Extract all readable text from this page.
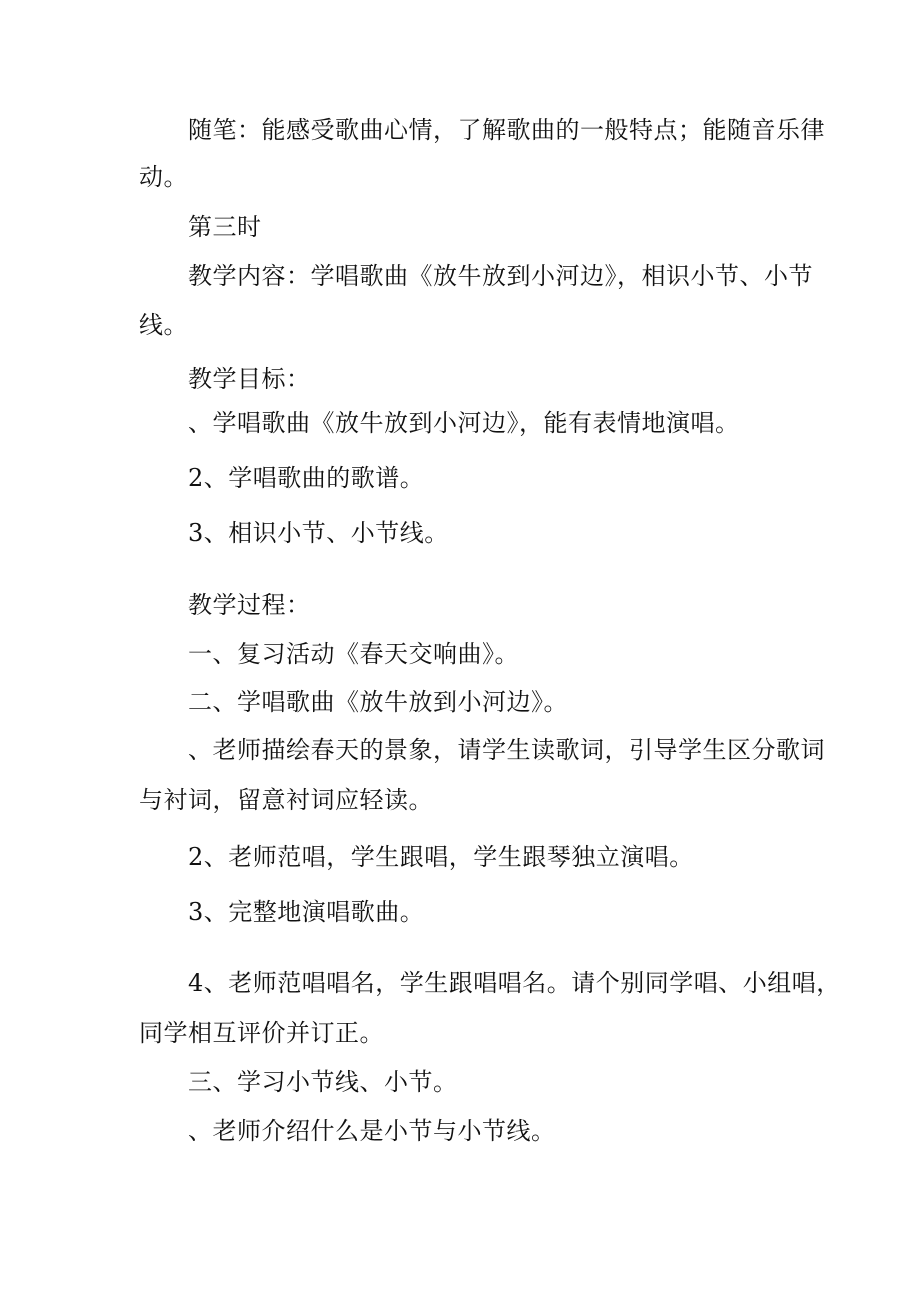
随笔：能感受歌曲心情，了解歌曲的一般特点；能随音乐律
动。
第三时
教学内容：学唱歌曲《放牛放到小河边》，相识小节、小节
线。
教学目标：
、学唱歌曲《放牛放到小河边》，能有表情地演唱。
2、学唱歌曲的歌谱。
3、相识小节、小节线。
教学过程：
一、复习活动《春天交响曲》。
二、学唱歌曲《放牛放到小河边》。
、老师描绘春天的景象，请学生读歌词，引导学生区分歌词
与衬词，留意衬词应轻读。
2、老师范唱，学生跟唱，学生跟琴独立演唱。
3、完整地演唱歌曲。
4、老师范唱唱名，学生跟唱唱名。请个别同学唱、小组唱，
同学相互评价并订正。
三、学习小节线、小节。
、老师介绍什么是小节与小节线。
